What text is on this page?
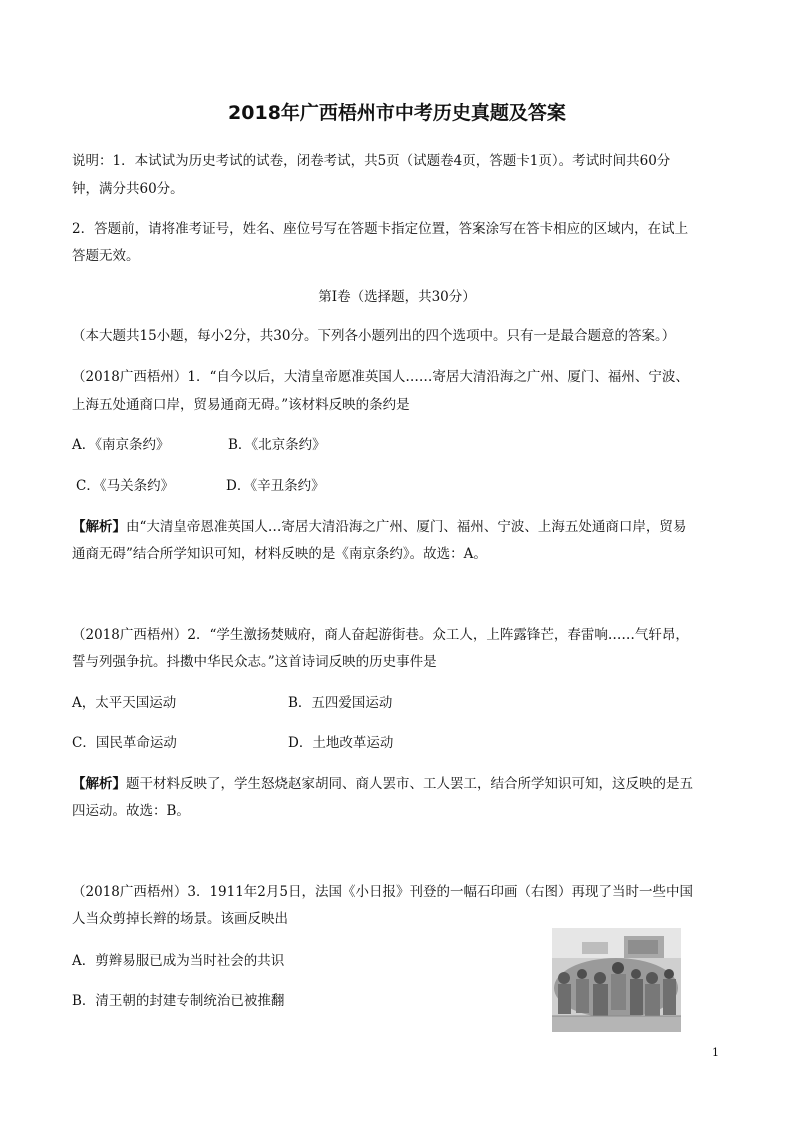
2018年广西梧州市中考历史真题及答案
说明：1．本试试为历史考试的试卷，闭卷考试，共5页（试题卷4页，答题卡1页）。考试时间共60分
钟，满分共60分。
2．答题前，请将准考证号，姓名、座位号写在答题卡指定位置，答案涂写在答卡相应的区域内，在试上
答题无效。
第Ⅰ卷（选择题，共30分）
（本大题共15小题，每小2分，共30分。下列各小题列出的四个选项中。只有一是最合题意的答案。）
（2018广西梧州）1．“自今以后，大清皇帝愿准英国人……寄居大清沿海之广州、厦门、福州、宁波、
上海五处通商口岸，贸易通商无碍。”该材料反映的条约是
A．《南京条约》	B．《北京条约》
C．《马关条约》	D．《辛丑条约》
【解析】由“大清皇帝恩准英国人…寄居大清沿海之广州、厦门、福州、宁波、上海五处通商口岸，贸易
通商无碍”结合所学知识可知，材料反映的是《南京条约》。故选：A。
（2018广西梧州）2．“学生激扬焚贼府，商人奋起游街巷。众工人，上阵露锋芒，春雷响……气轩昂，
誓与列强争抗。抖擞中华民众志。”这首诗词反映的历史事件是
A，太平天国运动	B．五四爱国运动
C．国民革命运动	D．土地改革运动
【解析】题干材料反映了，学生怒烧赵家胡同、商人罢市、工人罢工，结合所学知识可知，这反映的是五
四运动。故选：B。
（2018广西梧州）3．1911年2月5日，法国《小日报》刊登的一幅石印画（右图）再现了当时一些中国
人当众剪掉长辫的场景。该画反映出
A．剪辫易服已成为当时社会的共识
B．清王朝的封建专制统治已被推翻
1
